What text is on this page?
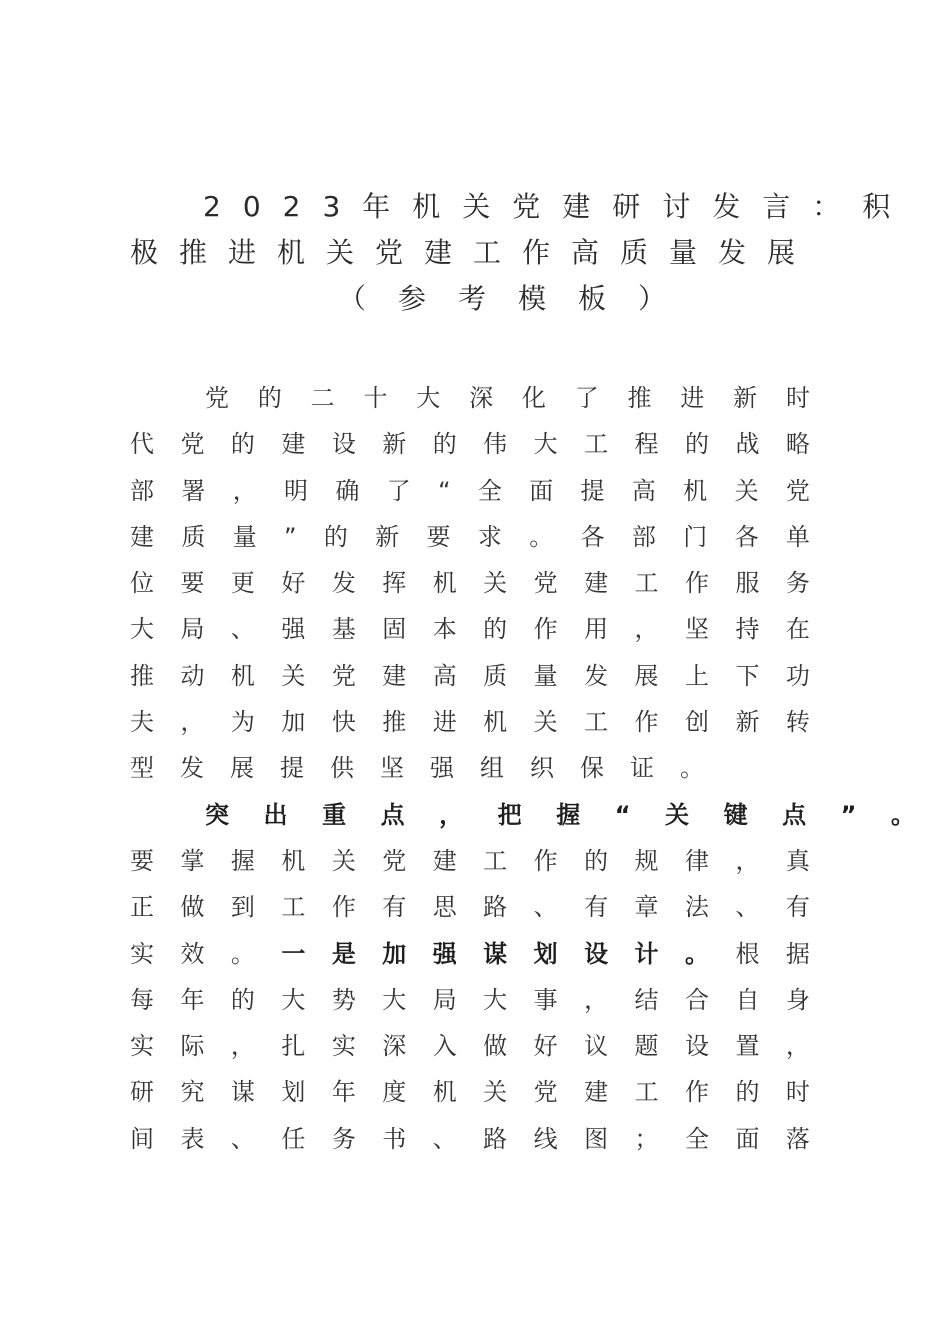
2023年机关党建研讨发言：积
极推进机关党建工作高质量发展
（参考模板）
党 的 二 十 大 深 化 了 推 进 新 时
代 党 的 建 设 新 的 伟 大 工 程 的 战 略
部 署 ， 明 确 了 “ 全 面 提 高 机 关 党
建 质 量 ” 的 新 要 求 。 各 部 门 各 单
位 要 更 好 发 挥 机 关 党 建 工 作 服 务
大 局 、 强 基 固 本 的 作 用 ， 坚 持 在
推 动 机 关 党 建 高 质 量 发 展 上 下 功
夫 ， 为 加 快 推 进 机 关 工 作 创 新 转
型 发 展 提 供 坚 强 组 织 保 证 。
突 出 重 点 ， 把 握 “ 关 键 点 ” 。
要 掌 握 机 关 党 建 工 作 的 规 律 ， 真
正 做 到 工 作 有 思 路 、 有 章 法 、 有
实 效 。 一 是 加 强 谋 划 设 计 。 根 据
每 年 的 大 势 大 局 大 事 ， 结 合 自 身
实 际 ， 扎 实 深 入 做 好 议 题 设 置 ，
研 究 谋 划 年 度 机 关 党 建 工 作 的 时
间 表 、 任 务 书 、 路 线 图 ； 全 面 落
